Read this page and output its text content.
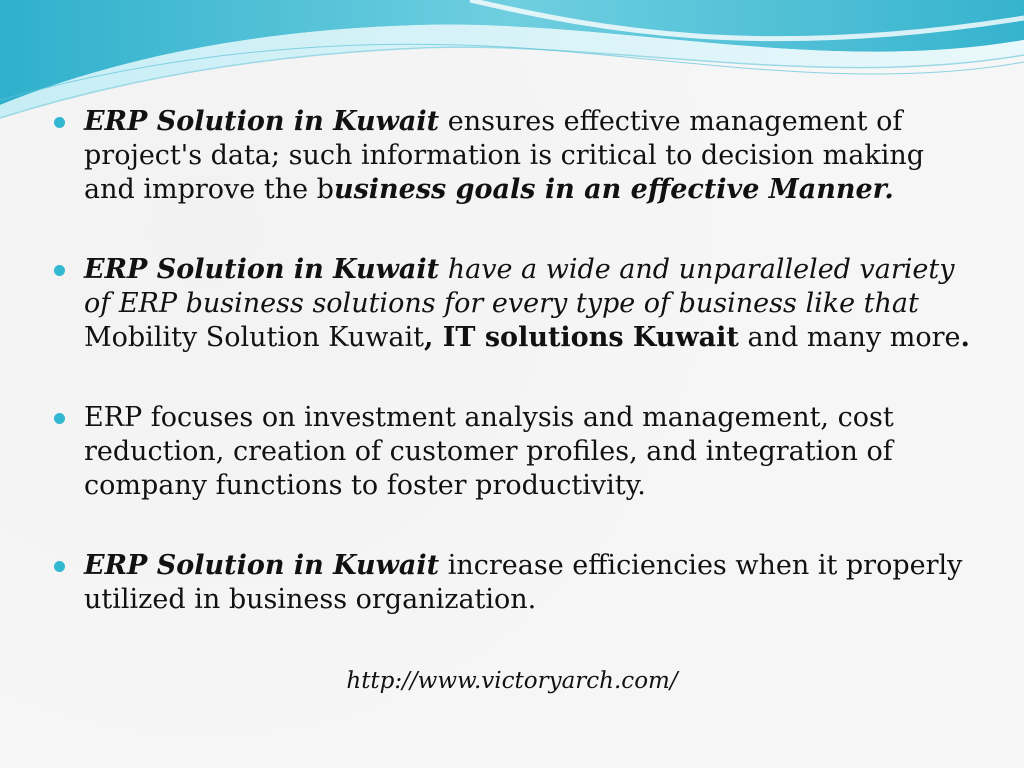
ERP Solution in Kuwait ensures effective management of project's data; such information is critical to decision making and improve the business goals in an effective Manner.
ERP Solution in Kuwait have a wide and unparalleled variety of ERP business solutions for every type of business like that Mobility Solution Kuwait, IT solutions Kuwait and many more.
ERP focuses on investment analysis and management, cost reduction, creation of customer profiles, and integration of company functions to foster productivity.
ERP Solution in Kuwait increase efficiencies when it properly utilized in business organization.
http://www.victoryarch.com/
